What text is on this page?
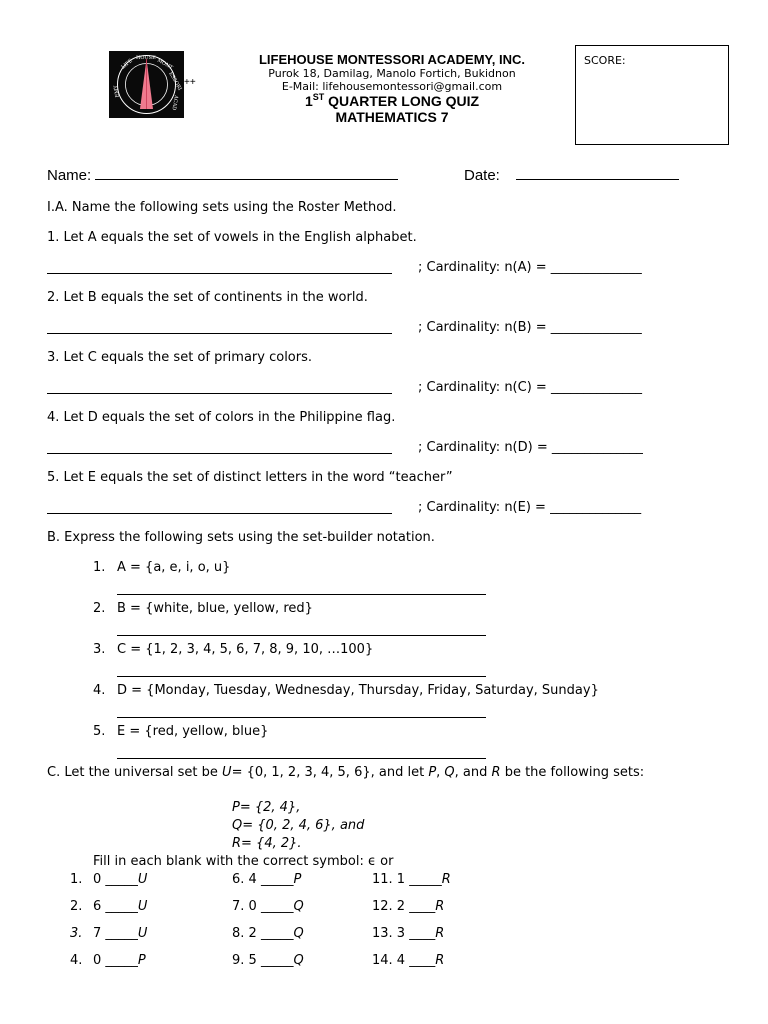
LIFE HOUSE MONT
ESSORI
ACAD
EMY
++
LIFEHOUSE MONTESSORI ACADEMY, INC.
Purok 18, Damilag, Manolo Fortich, Bukidnon
E-Mail: lifehousemontessori@gmail.com
1ST QUARTER LONG QUIZ
MATHEMATICS 7
SCORE:
Name:	Date:
I.A. Name the following sets using the Roster Method.
1. Let A equals the set of vowels in the English alphabet.
; Cardinality: n(A) = ______________
2. Let B equals the set of continents in the world.
; Cardinality: n(B) = ______________
3. Let C equals the set of primary colors.
; Cardinality: n(C) = ______________
4. Let D equals the set of colors in the Philippine flag.
; Cardinality: n(D) = ______________
5. Let E equals the set of distinct letters in the word “teacher”
; Cardinality: n(E) = ______________
B. Express the following sets using the set-builder notation.
1. A = {a, e, i, o, u}
2. B = {white, blue, yellow, red}
3. C = {1, 2, 3, 4, 5, 6, 7, 8, 9, 10, …100}
4. D = {Monday, Tuesday, Wednesday, Thursday, Friday, Saturday, Sunday}
5. E = {red, yellow, blue}
C. Let the universal set be U= {0, 1, 2, 3, 4, 5, 6}, and let P, Q, and R be the following sets:
P= {2, 4},
Q= {0, 2, 4, 6}, and
R= {4, 2}.
Fill in each blank with the correct symbol: ϵ or
1. 0 _____U
2. 6 _____U
3. 7 _____U
4. 0 _____P
6. 4 _____P
7. 0 _____Q
8. 2 _____Q
9. 5 _____Q
11. 1 _____R
12. 2 ____R
13. 3 ____R
14. 4 ____R
